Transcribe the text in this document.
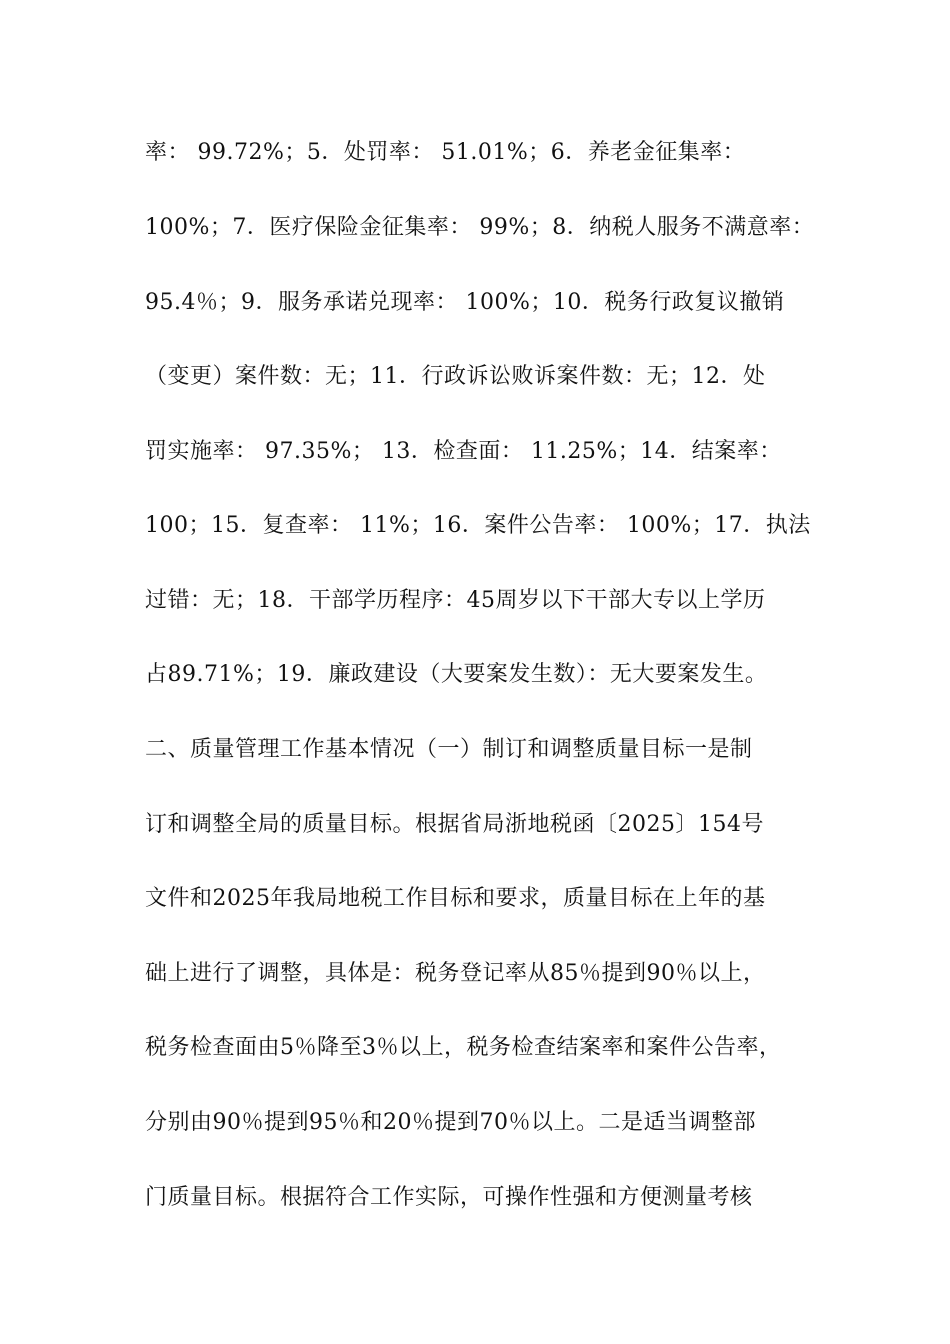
率： 99.72%；5．处罚率： 51.01%；6．养老金征集率：
100%；7．医疗保险金征集率： 99%；8．纳税人服务不满意率：
95.4％；9．服务承诺兑现率： 100%；10．税务行政复议撤销
（变更）案件数：无；11．行政诉讼败诉案件数：无；12．处
罚实施率： 97.35%； 13．检查面： 11.25%；14．结案率：
100；15．复查率： 11%；16．案件公告率： 100%；17．执法
过错：无；18．干部学历程序：45周岁以下干部大专以上学历
占89.71%；19．廉政建设（大要案发生数）：无大要案发生。
二、质量管理工作基本情况（一）制订和调整质量目标一是制
订和调整全局的质量目标。根据省局浙地税函〔2025〕154号
文件和2025年我局地税工作目标和要求，质量目标在上年的基
础上进行了调整，具体是：税务登记率从85％提到90％以上，
税务检查面由5％降至3％以上，税务检查结案率和案件公告率，
分别由90％提到95％和20％提到70％以上。二是适当调整部
门质量目标。根据符合工作实际，可操作性强和方便测量考核
